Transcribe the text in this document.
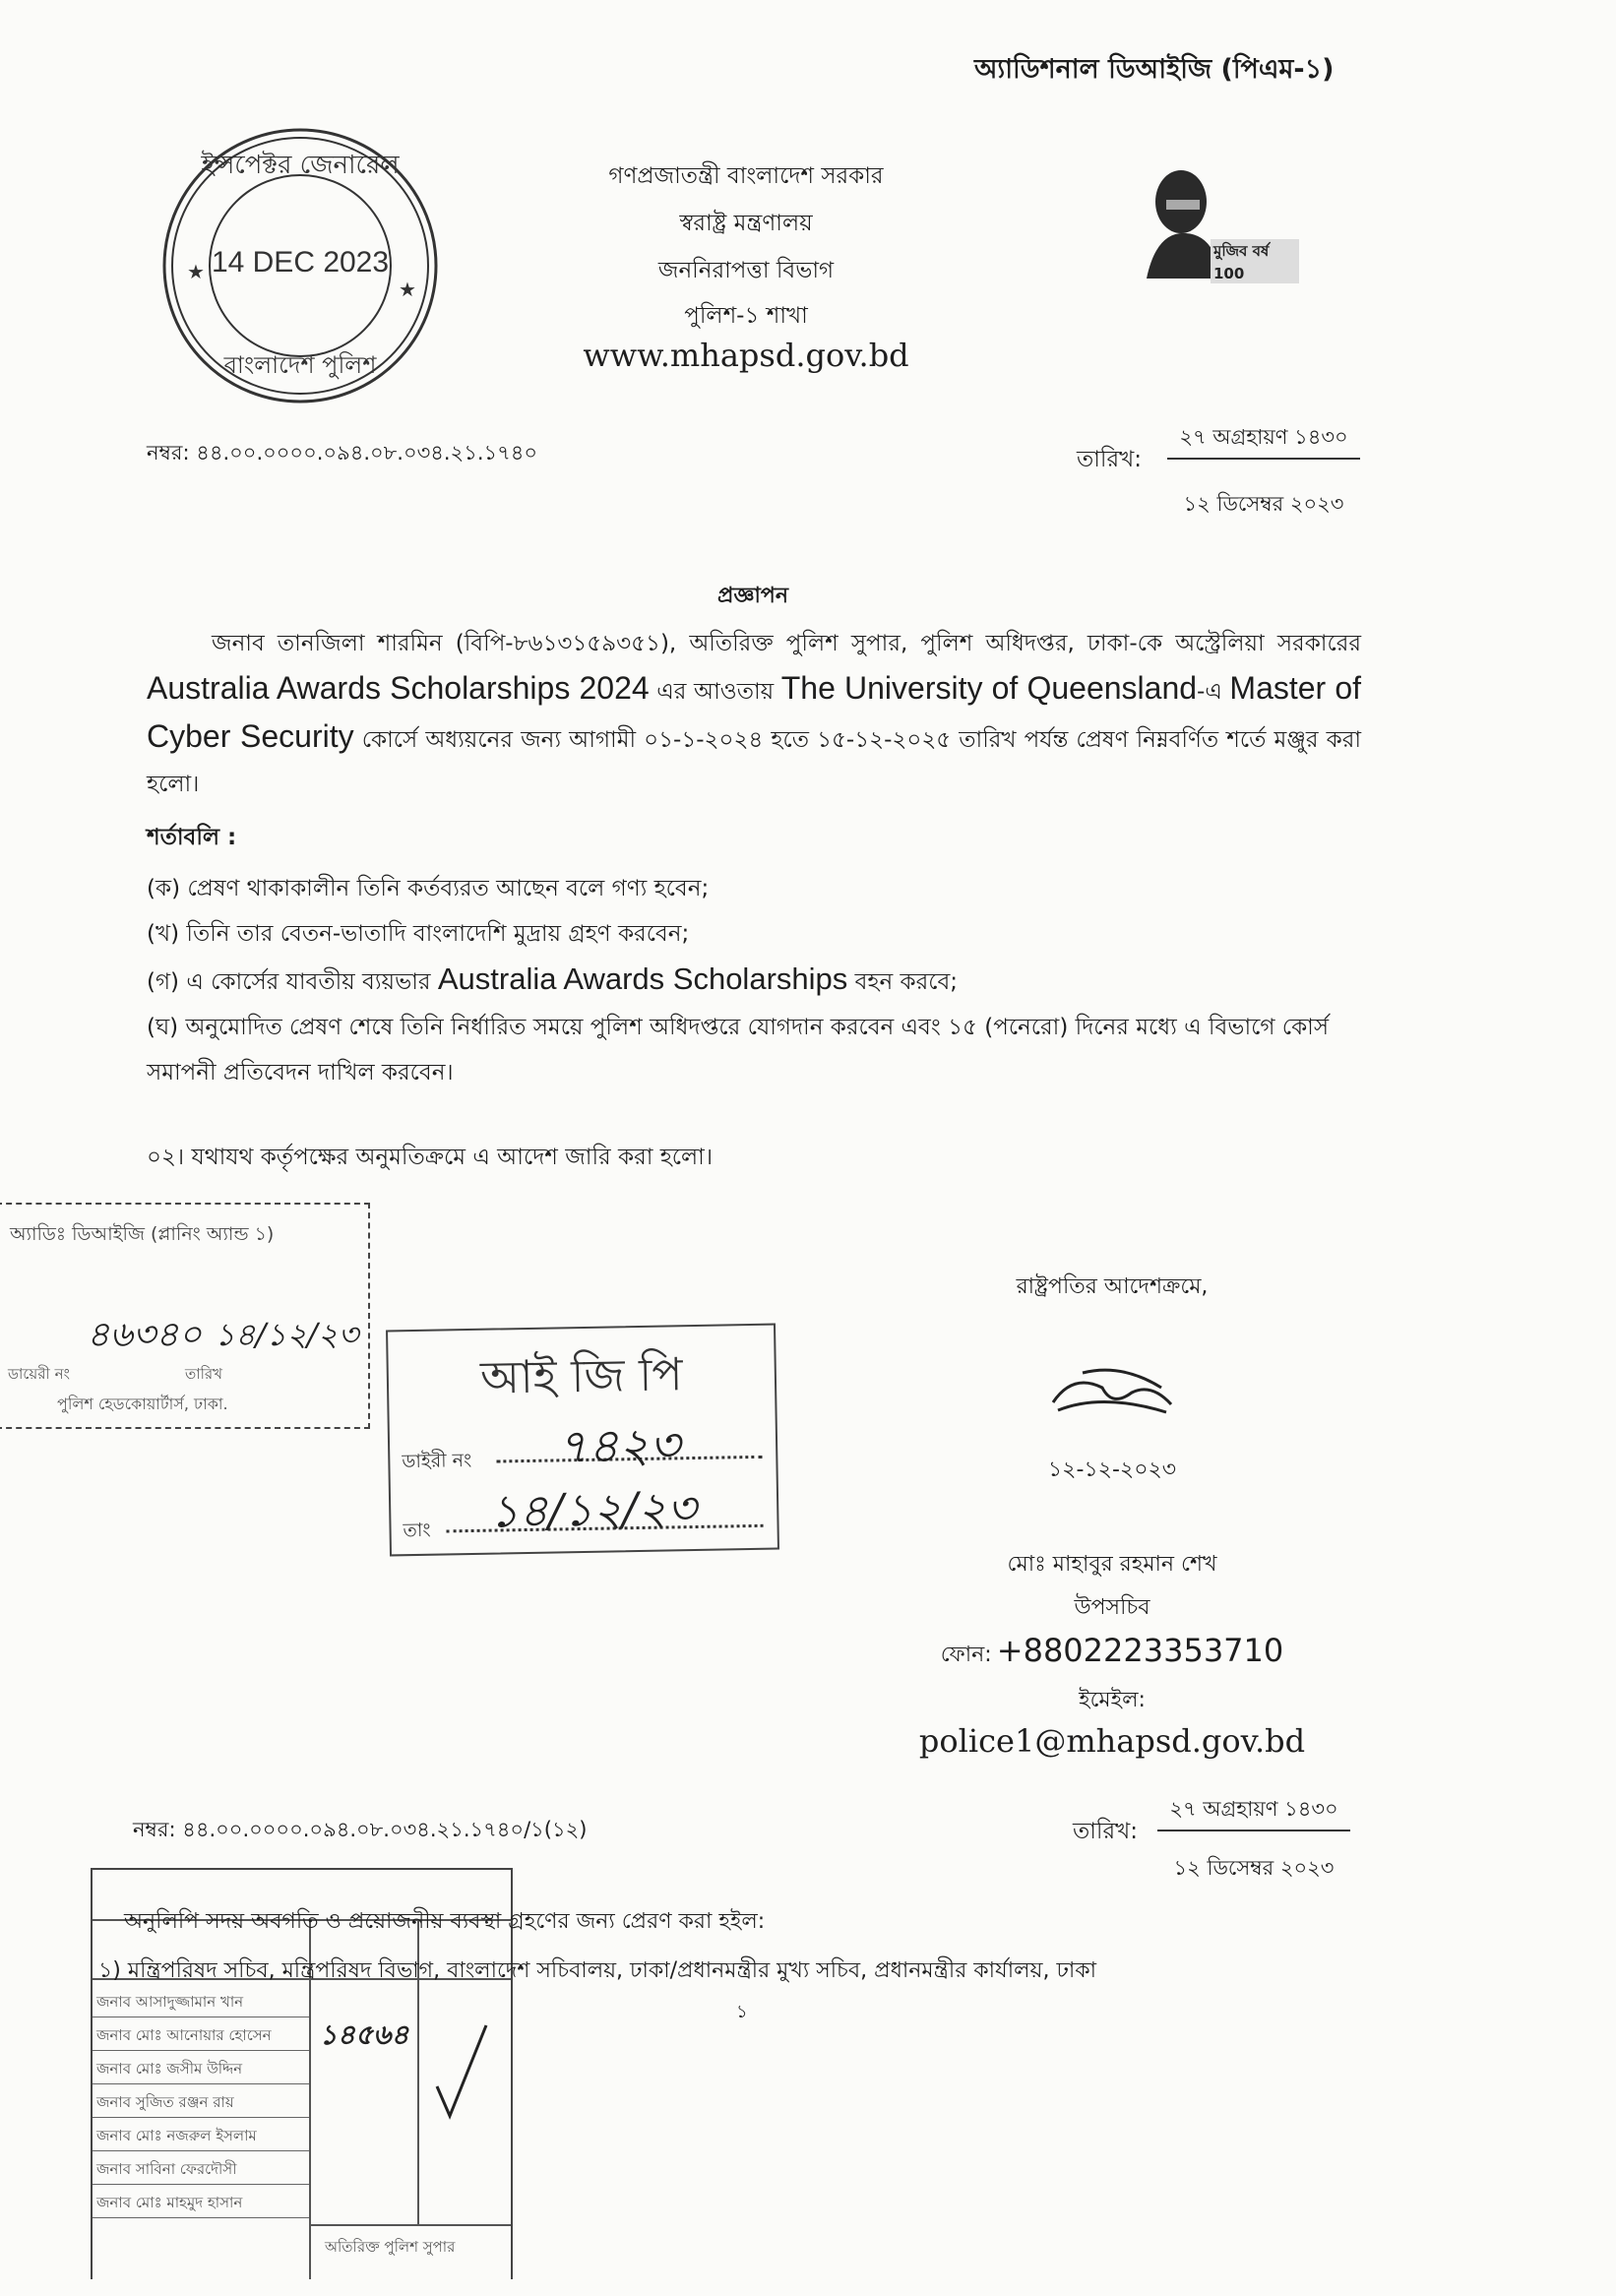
অ্যাডিশনাল ডিআইজি (পিএম-১)
★
★
ইন্সপেক্টর জেনারেল
14 DEC 2023
বাংলাদেশ পুলিশ
গণপ্রজাতন্ত্রী বাংলাদেশ সরকার
স্বরাষ্ট্র মন্ত্রণালয়
জননিরাপত্তা বিভাগ
পুলিশ-১ শাখা
www.mhapsd.gov.bd
মুজিব বর্ষ 100
নম্বর: ৪৪.০০.০০০০.০৯৪.০৮.০৩৪.২১.১৭৪০	তারিখ:
২৭ অগ্রহায়ণ ১৪৩০
১২ ডিসেম্বর ২০২৩
প্রজ্ঞাপন
জনাব তানজিলা শারমিন (বিপি-৮৬১৩১৫৯৩৫১), অতিরিক্ত পুলিশ সুপার, পুলিশ অধিদপ্তর, ঢাকা-কে অস্ট্রেলিয়া সরকারের Australia Awards Scholarships 2024 এর আওতায় The University of Queensland-এ Master of Cyber Security কোর্সে অধ্যয়নের জন্য আগামী ০১-১-২০২৪ হতে ১৫-১২-২০২৫ তারিখ পর্যন্ত প্রেষণ নিম্নবর্ণিত শর্তে মঞ্জুর করা হলো।
শর্তাবলি :
(ক) প্রেষণ থাকাকালীন তিনি কর্তব্যরত আছেন বলে গণ্য হবেন;
(খ) তিনি তার বেতন-ভাতাদি বাংলাদেশি মুদ্রায় গ্রহণ করবেন;
(গ) এ কোর্সের যাবতীয় ব্যয়ভার Australia Awards Scholarships বহন করবে;
(ঘ) অনুমোদিত প্রেষণ শেষে তিনি নির্ধারিত সময়ে পুলিশ অধিদপ্তরে যোগদান করবেন এবং ১৫ (পনেরো) দিনের মধ্যে এ বিভাগে কোর্স সমাপনী প্রতিবেদন দাখিল করবেন।
০২। যথাযথ কর্তৃপক্ষের অনুমতিক্রমে এ আদেশ জারি করা হলো।
অ্যাডিঃ ডিআইজি (প্লানিং অ্যান্ড ১)
৪৬৩৪০ ১৪/১২/২৩
ডায়েরী নং	তারিখ
পুলিশ হেডকোয়ার্টার্স, ঢাকা.	আই জি পি
ডাইরী নং ৭৪২৩
তাং ১৪/১২/২৩
রাষ্ট্রপতির আদেশক্রমে,
১২-১২-২০২৩
মোঃ মাহাবুর রহমান শেখ
উপসচিব
ফোন: +8802223353710
ইমেইল:
police1@mhapsd.gov.bd
নম্বর: ৪৪.০০.০০০০.০৯৪.০৮.০৩৪.২১.১৭৪০/১(১২)	তারিখ:
২৭ অগ্রহায়ণ ১৪৩০
১২ ডিসেম্বর ২০২৩
জনাব আসাদুজ্জামান খান
জনাব মোঃ আনোয়ার হোসেন
জনাব মোঃ জসীম উদ্দিন
জনাব সুজিত রঞ্জন রায়
জনাব মোঃ নজরুল ইসলাম
জনাব সাবিনা ফেরদৌসী
জনাব মোঃ মাহমুদ হাসান
১৪৫৬৪
অতিরিক্ত পুলিশ সুপার
অনুলিপি সদয় অবগতি ও প্রয়োজনীয় ব্যবস্থা গ্রহণের জন্য প্রেরণ করা হইল:
১) মন্ত্রিপরিষদ সচিব, মন্ত্রিপরিষদ বিভাগ, বাংলাদেশ সচিবালয়, ঢাকা/প্রধানমন্ত্রীর মুখ্য সচিব, প্রধানমন্ত্রীর কার্যালয়, ঢাকা
১
